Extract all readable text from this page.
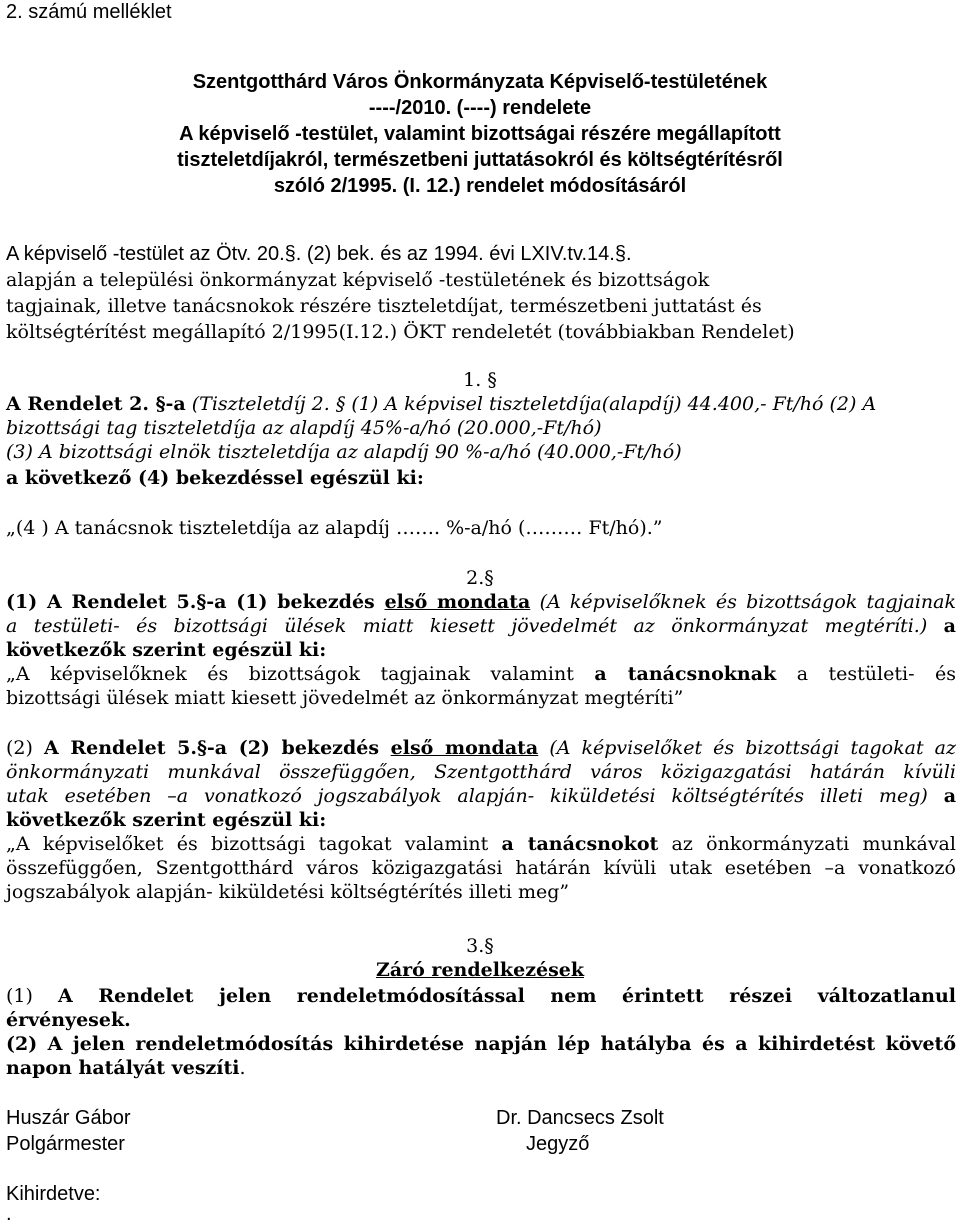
2. számú melléklet
Szentgotthárd Város Önkormányzata Képviselő-testületének
----/2010. (----) rendelete
A képviselő -testület, valamint bizottságai részére megállapított
tiszteletdíjakról, természetbeni juttatásokról és költségtérítésről
szóló 2/1995. (I. 12.) rendelet módosításáról
A képviselő -testület az Ötv. 20.§. (2) bek. és az 1994. évi LXIV.tv.14.§.
alapján a települési önkormányzat képviselő -testületének és bizottságok
tagjainak, illetve tanácsnokok részére tiszteletdíjat, természetbeni juttatást és
költségtérítést megállapító 2/1995(I.12.) ÖKT rendeletét (továbbiakban Rendelet)
1. §
A Rendelet 2. §-a (Tiszteletdíj 2. § (1) A képvisel tiszteletdíja(alapdíj) 44.400,- Ft/hó (2) A
bizottsági tag tiszteletdíja az alapdíj 45%-a/hó (20.000,-Ft/hó)
(3) A bizottsági elnök tiszteletdíja az alapdíj 90 %-a/hó (40.000,-Ft/hó)
a következő (4) bekezdéssel egészül ki:
„(4 ) A tanácsnok tiszteletdíja az alapdíj ……. %-a/hó (……… Ft/hó).”
2.§
(1) A Rendelet 5.§-a (1) bekezdés első mondata (A képviselőknek és bizottságok tagjainak
a testületi- és bizottsági ülések miatt kiesett jövedelmét az önkormányzat megtéríti.) a
következők szerint egészül ki:
„A képviselőknek és bizottságok tagjainak valamint a tanácsnoknak a testületi- és
bizottsági ülések miatt kiesett jövedelmét az önkormányzat megtéríti”
(2) A Rendelet 5.§-a (2) bekezdés első mondata (A képviselőket és bizottsági tagokat az
önkormányzati munkával összefüggően, Szentgotthárd város közigazgatási határán kívüli
utak esetében –a vonatkozó jogszabályok alapján- kiküldetési költségtérítés illeti meg) a
következők szerint egészül ki:
„A képviselőket és bizottsági tagokat valamint a tanácsnokot az önkormányzati munkával
összefüggően, Szentgotthárd város közigazgatási határán kívüli utak esetében –a vonatkozó
jogszabályok alapján- kiküldetési költségtérítés illeti meg”
3.§
Záró rendelkezések
(1) A Rendelet jelen rendeletmódosítással nem érintett részei változatlanul
érvényesek.
(2) A jelen rendeletmódosítás kihirdetése napján lép hatályba és a kihirdetést követő
napon hatályát veszíti.
Huszár Gábor
Polgármester
Dr. Dancsecs Zsolt
Jegyző
Kihirdetve:
.
